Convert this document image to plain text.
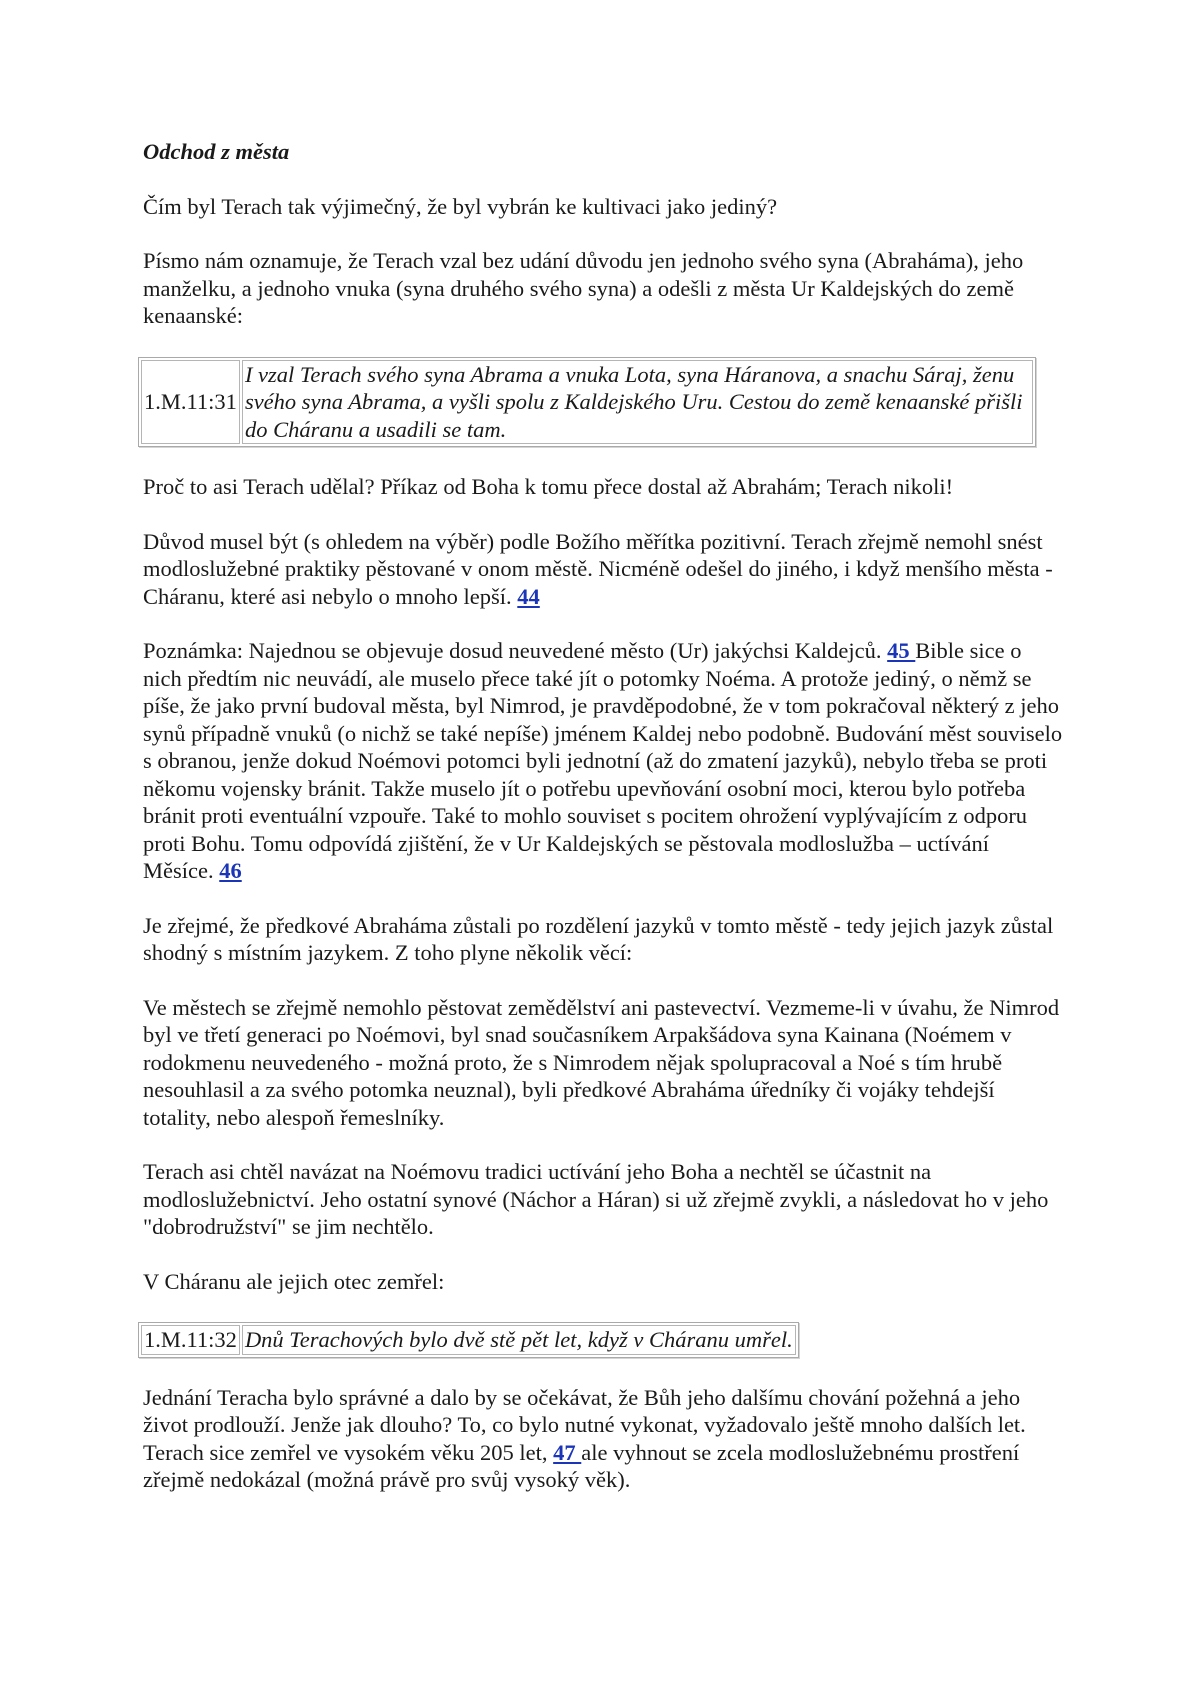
Odchod z města

Čím byl Terach tak výjimečný, že byl vybrán ke kultivaci jako jediný?

Písmo nám oznamuje, že Terach vzal bez udání důvodu jen jednoho svého syna (Abraháma), jeho manželku, a jednoho vnuka (syna druhého svého syna) a odešli z města Ur Kaldejských do země kenaanské:

1.M.11:31	I vzal Terach svého syna Abrama a vnuka Lota, syna Háranova, a snachu Sáraj, ženu svého syna Abrama, a vyšli spolu z Kaldejského Uru. Cestou do země kenaanské přišli do Cháranu a usadili se tam.

Proč to asi Terach udělal? Příkaz od Boha k tomu přece dostal až Abrahám; Terach nikoli!

Důvod musel být (s ohledem na výběr) podle Božího měřítka pozitivní. Terach zřejmě nemohl snést modloslužebné praktiky pěstované v onom městě. Nicméně odešel do jiného, i když menšího města - Cháranu, které asi nebylo o mnoho lepší. 44

Poznámka: Najednou se objevuje dosud neuvedené město (Ur) jakýchsi Kaldejců. 45 Bible sice o nich předtím nic neuvádí, ale muselo přece také jít o potomky Noéma. A protože jediný, o němž se píše, že jako první budoval města, byl Nimrod, je pravděpodobné, že v tom pokračoval některý z jeho synů případně vnuků (o nichž se také nepíše) jménem Kaldej nebo podobně. Budování měst souviselo s obranou, jenže dokud Noémovi potomci byli jednotní (až do zmatení jazyků), nebylo třeba se proti někomu vojensky bránit. Takže muselo jít o potřebu upevňování osobní moci, kterou bylo potřeba bránit proti eventuální vzpouře. Také to mohlo souviset s pocitem ohrožení vyplývajícím z odporu proti Bohu. Tomu odpovídá zjištění, že v Ur Kaldejských se pěstovala modloslužba – uctívání Měsíce. 46

Je zřejmé, že předkové Abraháma zůstali po rozdělení jazyků v tomto městě - tedy jejich jazyk zůstal shodný s místním jazykem. Z toho plyne několik věcí:

Ve městech se zřejmě nemohlo pěstovat zemědělství ani pastevectví. Vezmeme-li v úvahu, že Nimrod byl ve třetí generaci po Noémovi, byl snad současníkem Arpakšádova syna Kainana (Noémem v rodokmenu neuvedeného - možná proto, že s Nimrodem nějak spolupracoval a Noé s tím hrubě nesouhlasil a za svého potomka neuznal), byli předkové Abraháma úředníky či vojáky tehdejší totality, nebo alespoň řemeslníky.

Terach asi chtěl navázat na Noémovu tradici uctívání jeho Boha a nechtěl se účastnit na modloslužebnictví. Jeho ostatní synové (Náchor a Háran) si už zřejmě zvykli, a následovat ho v jeho "dobrodružství" se jim nechtělo.

V Cháranu ale jejich otec zemřel:

1.M.11:32	Dnů Terachových bylo dvě stě pět let, když v Cháranu umřel.

Jednání Teracha bylo správné a dalo by se očekávat, že Bůh jeho dalšímu chování požehná a jeho život prodlouží. Jenže jak dlouho? To, co bylo nutné vykonat, vyžadovalo ještě mnoho dalších let. Terach sice zemřel ve vysokém věku 205 let, 47 ale vyhnout se zcela modloslužebnému prostření zřejmě nedokázal (možná právě pro svůj vysoký věk).
